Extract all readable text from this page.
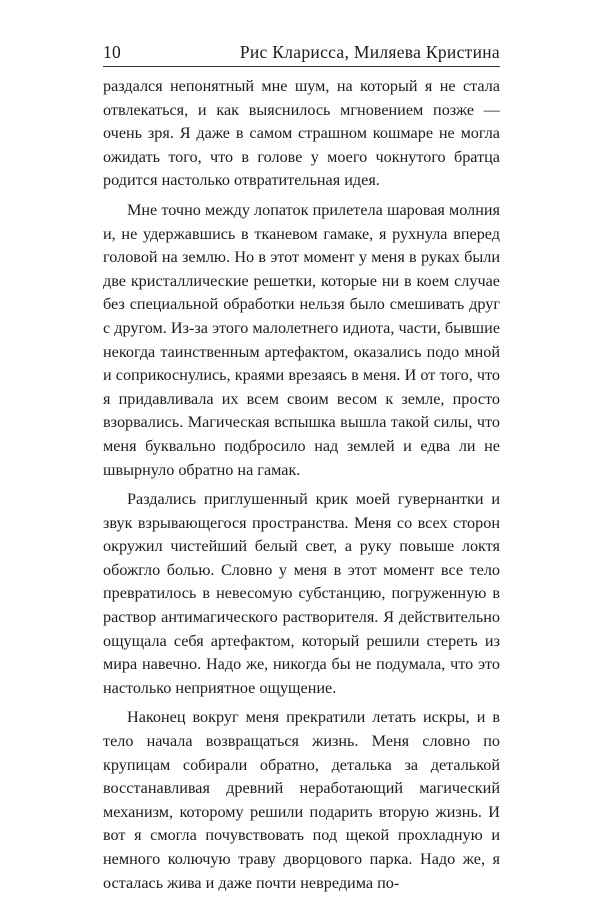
10	Рис Кларисса, Миляева Кристина

раздался непонятный мне шум, на который я не стала отвлекаться, и как выяснилось мгновением позже — очень зря. Я даже в самом страшном кошмаре не могла ожидать того, что в голове у моего чокнутого братца родится настолько отвратительная идея.

Мне точно между лопаток прилетела шаровая молния и, не удержавшись в тканевом гамаке, я рухнула вперед головой на землю. Но в этот момент у меня в руках были две кристаллические решетки, которые ни в коем случае без специальной обработки нельзя было смешивать друг с другом. Из-за этого малолетнего идиота, части, бывшие некогда таинственным артефактом, оказались подо мной и соприкоснулись, краями врезаясь в меня. И от того, что я придавливала их всем своим весом к земле, просто взорвались. Магическая вспышка вышла такой силы, что меня буквально подбросило над землей и едва ли не швырнуло обратно на гамак.

Раздались приглушенный крик моей гувернантки и звук взрывающегося пространства. Меня со всех сторон окружил чистейший белый свет, а руку повыше локтя обожгло болью. Словно у меня в этот момент все тело превратилось в невесомую субстанцию, погруженную в раствор антимагического растворителя. Я действительно ощущала себя артефактом, который решили стереть из мира навечно. Надо же, никогда бы не подумала, что это настолько неприятное ощущение.

Наконец вокруг меня прекратили летать искры, и в тело начала возвращаться жизнь. Меня словно по крупицам собирали обратно, деталька за деталькой восстанавливая древний неработающий магический механизм, которому решили подарить вторую жизнь. И вот я смогла почувствовать под щекой прохладную и немного колючую траву дворцового парка. Надо же, я осталась жива и даже почти невредима по-
